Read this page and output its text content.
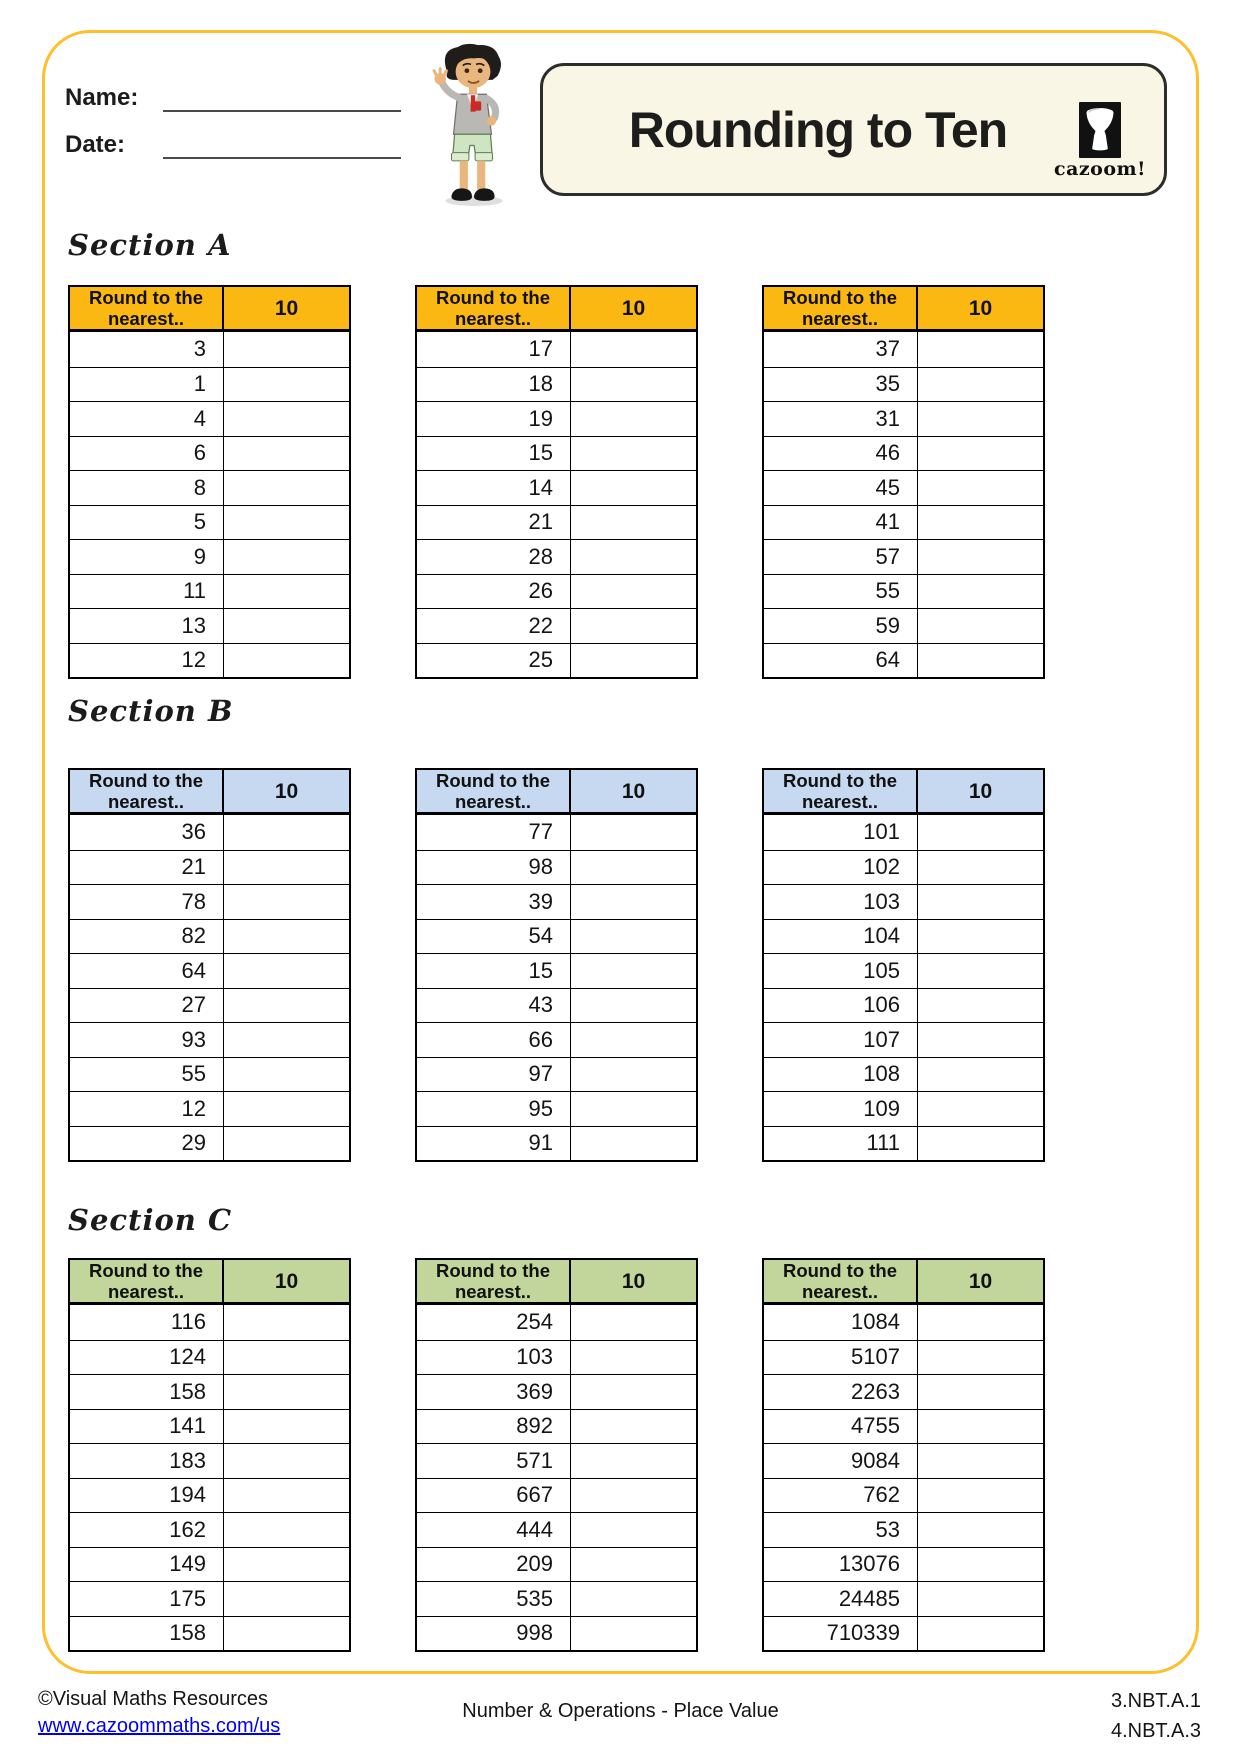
Name:
Date:	Rounding to Ten
cazoom!
Section A
Round to the nearest..	10
3
1
4
6
8
5
9
11
13
12
Round to the nearest..	10
17
18
19
15
14
21
28
26
22
25
Round to the nearest..	10
37
35
31
46
45
41
57
55
59
64
Section B
Round to the nearest..	10
36
21
78
82
64
27
93
55
12
29
Round to the nearest..	10
77
98
39
54
15
43
66
97
95
91
Round to the nearest..	10
101
102
103
104
105
106
107
108
109
111
Section C
Round to the nearest..	10
116
124
158
141
183
194
162
149
175
158
Round to the nearest..	10
254
103
369
892
571
667
444
209
535
998
Round to the nearest..	10
1084
5107
2263
4755
9084
762
53
13076
24485
710339
©Visual Maths Resources
www.cazoommaths.com/us
Number & Operations - Place Value	3.NBT.A.1
4.NBT.A.3
